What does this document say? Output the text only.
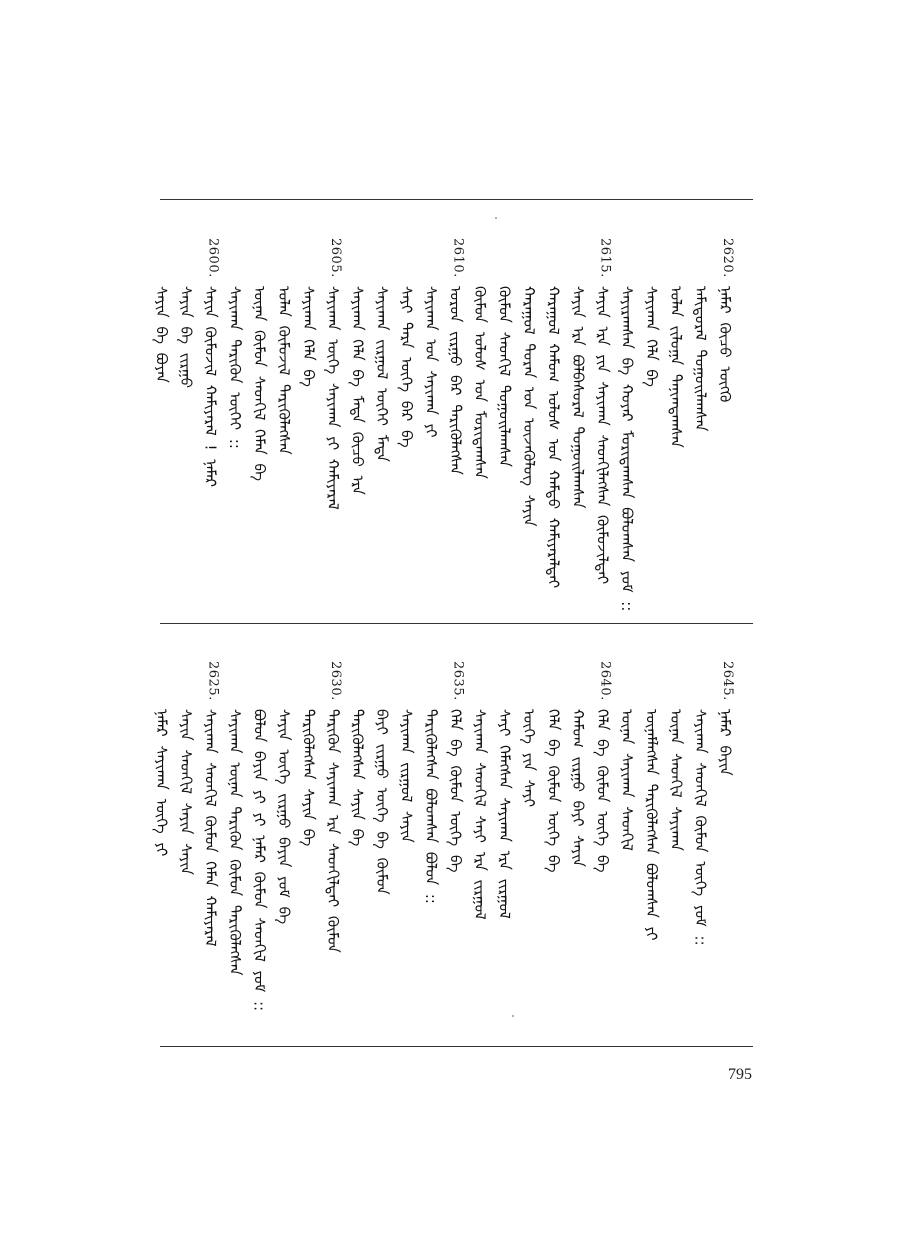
2620.
ᠨᠡᠮᠡᠷ ᠬᠦᠴᠦ ᠦᠭᠭᠦ
ᠠᠮᠢᠳᠤᠷᠠᠯ ᠳᠤᠭᠤᠢᠯᠠᠭᠰᠠᠨ
ᠣᠯᠠᠨ ᠵᠢᠯᠤᠭᠠ ᠲᠠᠨᠢᠭᠳᠠᠭᠰᠠᠨ
ᠰᠠᠶᠢᠬᠠᠨ ᠬᠡᠯᠡ ᠪᠡ
ᠰᠠᠶᠢᠷᠠᠭᠰᠠᠨ ᠪᠡ ᠬᠣᠶᠠᠷ ᠮᠣᠷᠢᠳᠠᠭᠰᠠᠨ ᠪᠣᠯᠤᠭᠰᠠᠨ ᠶᠤᠮ ::
2615.
ᠰᠠᠶᠢᠨ ᠡᠷᠡ ᠶᠢᠨ ᠰᠠᠶᠢᠬᠠᠨ ᠰᠡᠳᠬᠢᠯᠡᠭᠰᠡᠨ ᠬᠦᠮᠦᠵᠢᠯᠲᠡᠢ
ᠰᠠᠶᠢᠨ ᠡᠷᠡ ᠪᠣᠯᠪᠠᠰᠤᠷᠠᠯ ᠳᠤᠭᠤᠢᠯᠠᠭᠰᠠᠨ
ᠬᠠᠷᠠᠭᠤᠯ ᠬᠠᠮᠤᠭ ᠤᠯᠤᠰ ᠤᠨ ᠬᠠᠮᠲᠤ ᠬᠠᠮᠢᠶᠠᠷᠠᠯᠲᠠᠢ
ᠬᠠᠷᠠᠭᠤᠯ ᠳᠤᠷᠠᠨ ᠤᠨ ᠦᠵᠡᠭᠦᠯᠦᠭ ᠰᠠᠶᠢᠨ
ᠬᠦᠮᠦᠨ ᠰᠡᠳᠬᠢᠯ ᠳᠤᠭᠤᠢᠯᠠᠭᠰᠠᠨ
ᠬᠦᠮᠦᠨ ᠤᠯᠤᠰ ᠤᠨ ᠮᠣᠷᠢᠳᠠᠭᠰᠠᠨ
2610.
ᠤᠷᠤᠨ ᠵᠢᠷᠭᠤ ᠪᠡᠷ ᠲᠡᠷᠢᠭᠦᠯᠡᠭᠰᠡᠨ
ᠰᠠᠶᠢᠬᠠᠨ ᠤᠨ ᠰᠠᠶᠢᠬᠠᠨ ᠶᠢ
ᠰᠠᠶᠢ ᠲᠡᠷᠡ ᠦᠭᠡ ᠪᠡᠷ ᠪᠠ
ᠰᠠᠶᠢᠬᠠᠨ ᠵᠢᠷᠭᠤᠯ ᠦᠭᠡᠢ ᠮᠡᠳᠡ
ᠰᠠᠶᠢᠬᠠᠨ ᠬᠡᠯᠡ ᠪᠡ ᠮᠡᠳᠡ ᠬᠦᠴᠦ ᠡᠷᠡ
2605.
ᠰᠠᠶᠢᠬᠠᠨ ᠦᠭᠡ ᠰᠠᠶᠢᠬᠠᠨ ᠶᠢ ᠬᠠᠮᠢᠶᠠᠷᠠᠯ
ᠰᠠᠶᠢᠬᠠᠨ ᠬᠡᠯᠡ ᠪᠡ
ᠤᠯᠠᠨ ᠬᠦᠮᠦᠵᠢᠯ ᠲᠡᠷᠢᠭᠦᠯᠡᠭᠰᠡᠨ
ᠦᠨᠡᠨ ᠬᠦᠮᠦᠨ ᠰᠡᠳᠬᠢᠯ ᠬᠡᠮᠡᠨ ᠪᠠ
ᠰᠠᠶᠢᠬᠠᠨ ᠲᠡᠷᠢᠭᠦᠨ ᠦᠭᠡᠢ ::
2600.
ᠰᠠᠶᠢᠨ ᠬᠦᠮᠦᠵᠢᠯ ᠬᠠᠮᠢᠶᠠᠷᠠᠯ ! ᠨᠡᠮᠡᠷ
ᠰᠠᠶᠢᠨ ᠪᠠ ᠵᠢᠷᠭᠤ
ᠰᠠᠶᠢᠨ ᠪᠠ ᠪᠤᠶᠠᠨ
2645.
ᠨᠡᠮᠡᠷ ᠪᠠᠶᠢᠨ
ᠰᠠᠶᠢᠬᠠᠨ ᠰᠡᠳᠬᠢᠯ ᠬᠦᠮᠦᠨ ᠦᠭᠡ ᠶᠤᠮ ::
ᠦᠨᠡᠨ ᠰᠡᠳᠬᠢᠯ ᠰᠠᠶᠢᠬᠠᠨ
ᠦᠨᠡᠮᠯᠡᠭᠰᠡᠨ ᠲᠡᠷᠢᠭᠦᠯᠡᠭᠰᠡᠨ ᠪᠣᠯᠤᠭᠰᠠᠨ ᠶᠢ
ᠦᠨᠡᠨ ᠰᠠᠶᠢᠬᠠᠨ ᠰᠡᠳᠬᠢᠯ
2640.
ᠬᠡᠯᠡ ᠪᠡ ᠬᠦᠮᠦᠨ ᠦᠭᠡ ᠪᠠ
ᠬᠠᠮᠤᠭ ᠵᠢᠷᠭᠤ ᠪᠠᠶᠢ ᠰᠠᠶᠢᠨ
ᠬᠡᠯᠡ ᠪᠡ ᠬᠦᠮᠦᠨ ᠦᠭᠡ ᠪᠠ
ᠦᠭᠡ ᠶᠢᠨ ᠰᠠᠶᠢ
ᠰᠠᠶᠢ ᠬᠡᠮᠡᠭᠰᠡᠨ ᠰᠠᠶᠢᠬᠠᠨ ᠡᠷᠡ ᠵᠢᠷᠭᠤᠯ
ᠰᠠᠶᠢᠬᠠᠨ ᠰᠡᠳᠬᠢᠯ ᠰᠠᠶᠢ ᠡᠷᠡ ᠵᠢᠷᠭᠤᠯ
2635.
ᠬᠡᠯᠡ ᠪᠡ ᠬᠦᠮᠦᠨ ᠦᠭᠡ ᠪᠠ
ᠲᠡᠷᠢᠭᠦᠯᠡᠭᠰᠡᠨ ᠪᠣᠯᠤᠭᠰᠠᠨ ᠪᠣᠯᠤᠨ ::
ᠰᠠᠶᠢᠬᠠᠨ ᠵᠢᠷᠭᠤᠯ ᠰᠠᠶᠢᠨ
ᠪᠠᠶᠢ ᠵᠢᠷᠭᠤ ᠦᠭᠡ ᠪᠡ ᠬᠦᠮᠦᠨ
ᠲᠡᠷᠢᠭᠦᠯᠡᠭᠰᠡᠨ ᠰᠠᠶᠢᠨ ᠪᠠ
2630.
ᠲᠡᠷᠢᠭᠦᠨ ᠰᠠᠶᠢᠬᠠᠨ ᠡᠷᠡ ᠰᠡᠳᠬᠢᠯᠲᠡᠢ ᠬᠦᠮᠦᠨ
ᠲᠡᠷᠢᠭᠦᠯᠡᠭᠰᠡᠨ ᠰᠠᠶᠢᠨ ᠪᠠ
ᠰᠠᠶᠢᠨ ᠦᠭᠡ ᠵᠢᠷᠭᠤ ᠪᠠᠶᠢᠨ ᠶᠤᠮ ᠪᠠ
ᠪᠣᠯᠤᠨ ᠪᠠᠶᠢᠨ ᠶᠢ ᠶᠢ ᠨᠡᠮᠡᠷ ᠬᠦᠮᠦᠨ ᠰᠡᠳᠬᠢᠯ ᠶᠤᠮ ::
ᠰᠠᠶᠢᠬᠠᠨ ᠦᠨᠡᠨ ᠲᠡᠷᠢᠭᠦᠨ ᠬᠦᠮᠦᠨ ᠲᠡᠷᠢᠭᠦᠯᠡᠭᠰᠡᠨ
2625.
ᠰᠠᠶᠢᠬᠠᠨ ᠰᠡᠳᠬᠢᠯ ᠬᠦᠮᠦᠨ ᠬᠡᠮᠡᠨ ᠬᠠᠮᠢᠶᠠᠷᠠᠯ
ᠰᠠᠶᠢᠨ ᠰᠡᠳᠬᠢᠯ ᠰᠠᠶᠢᠨ ᠰᠠᠶᠢᠨ
ᠨᠡᠮᠡᠷ ᠰᠠᠶᠢᠬᠠᠨ ᠦᠭᠡ ᠶᠢ
795
